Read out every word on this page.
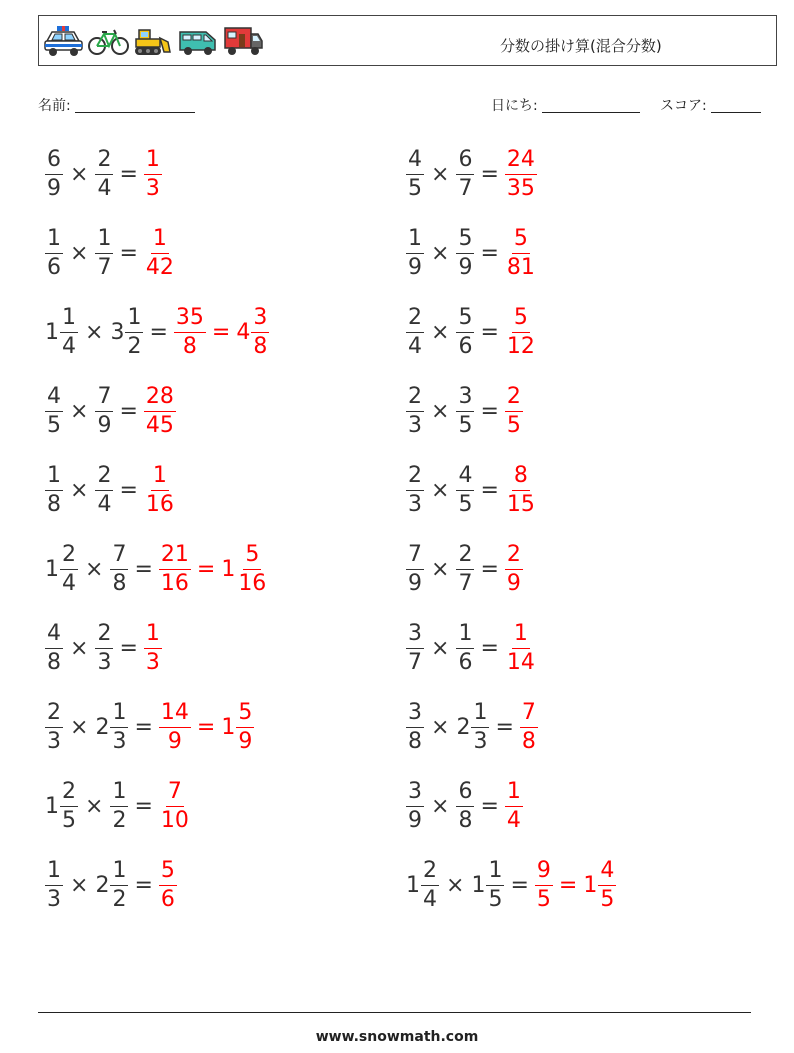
分数の掛け算(混合分数)
名前:	日にち:	スコア:
$\frac{6}{9} \times \frac{2}{4} = \frac{1}{3}$	$\frac{4}{5} \times \frac{6}{7} = \frac{24}{35}$
$\frac{1}{6} \times \frac{1}{7} = \frac{1}{42}$	$\frac{1}{9} \times \frac{5}{9} = \frac{5}{81}$
$1 \frac{1}{4} \times 3 \frac{1}{2} = \frac{35}{8} = 4 \frac{3}{8}$	$\frac{2}{4} \times \frac{5}{6} = \frac{5}{12}$
$\frac{4}{5} \times \frac{7}{9} = \frac{28}{45}$	$\frac{2}{3} \times \frac{3}{5} = \frac{2}{5}$
$\frac{1}{8} \times \frac{2}{4} = \frac{1}{16}$	$\frac{2}{3} \times \frac{4}{5} = \frac{8}{15}$
$1 \frac{2}{4} \times \frac{7}{8} = \frac{21}{16} = 1 \frac{5}{16}$	$\frac{7}{9} \times \frac{2}{7} = \frac{2}{9}$
$\frac{4}{8} \times \frac{2}{3} = \frac{1}{3}$	$\frac{3}{7} \times \frac{1}{6} = \frac{1}{14}$
$\frac{2}{3} \times 2 \frac{1}{3} = \frac{14}{9} = 1 \frac{5}{9}$	$\frac{3}{8} \times 2 \frac{1}{3} = \frac{7}{8}$
$1 \frac{2}{5} \times \frac{1}{2} = \frac{7}{10}$	$\frac{3}{9} \times \frac{6}{8} = \frac{1}{4}$
$\frac{1}{3} \times 2 \frac{1}{2} = \frac{5}{6}$	$1 \frac{2}{4} \times 1 \frac{1}{5} = \frac{9}{5} = 1 \frac{4}{5}$
www.snowmath.com
